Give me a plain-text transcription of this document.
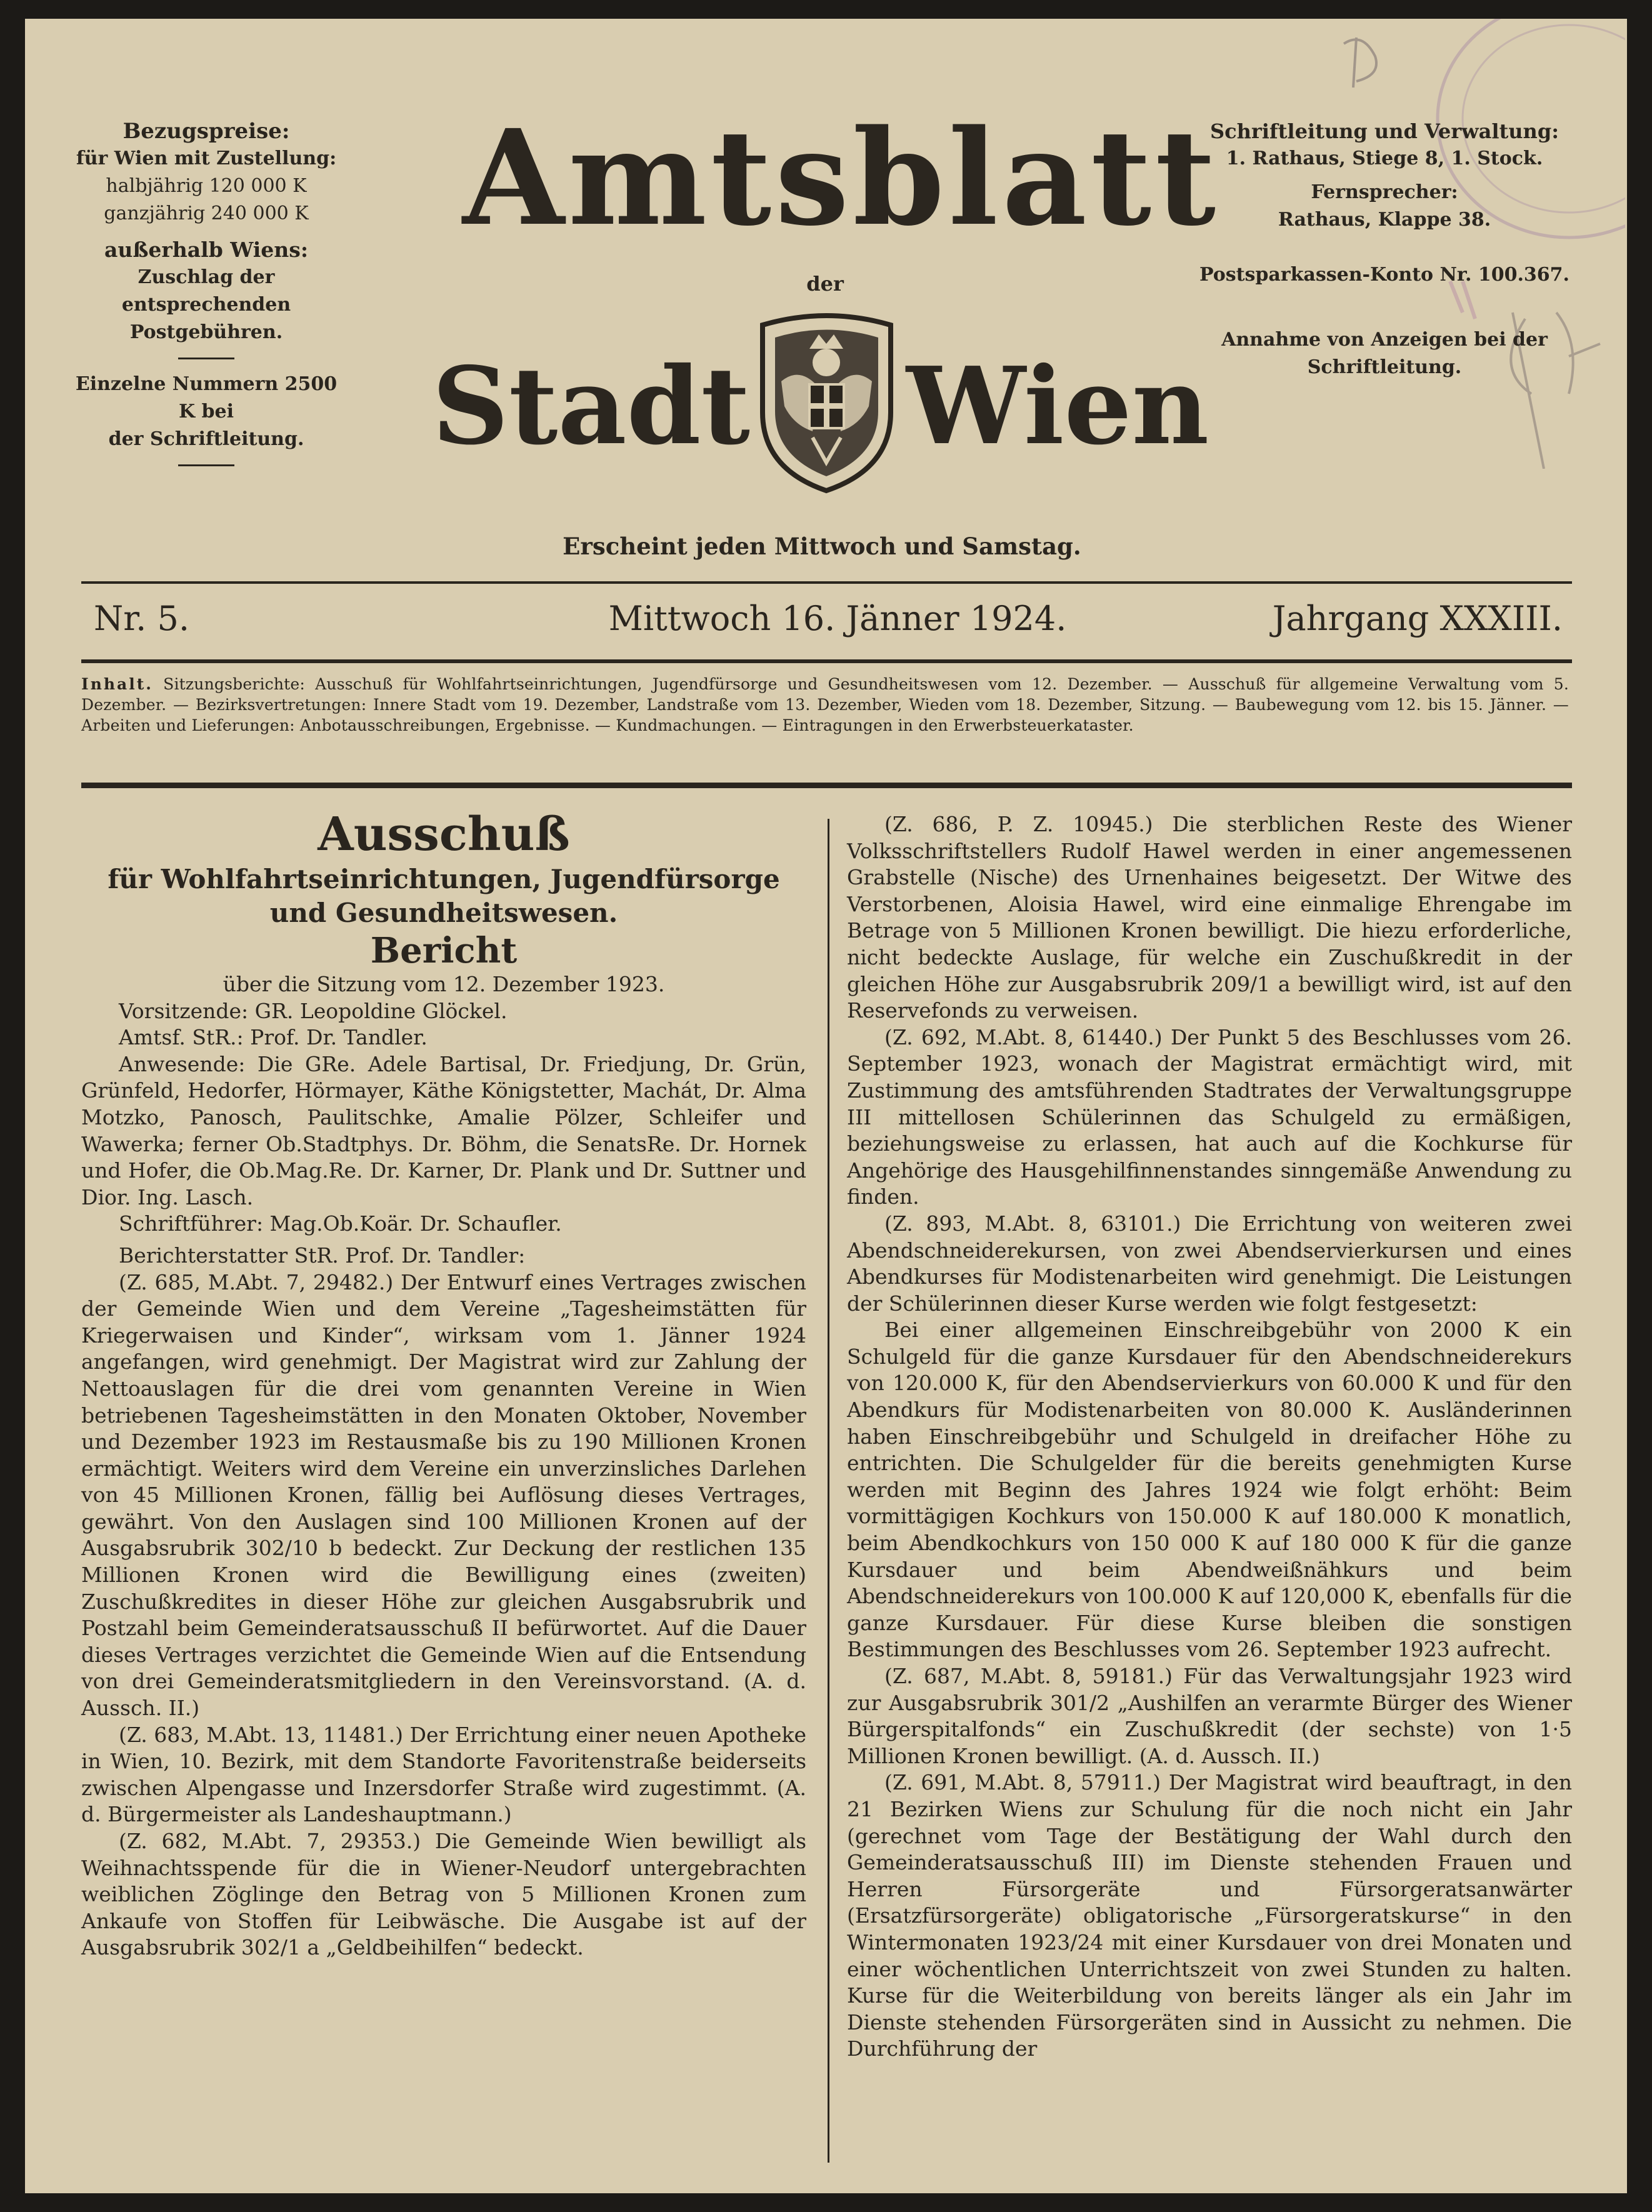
Bezugspreise:
für Wien mit Zustellung:
halbjährig 120 000 K
ganzjährig 240 000 K
außerhalb Wiens:
Zuschlag der entsprechenden
Postgebühren.
Einzelne Nummern 2500 K bei
der Schriftleitung.
Amtsblatt
der
Stadt Wien
Erscheint jeden Mittwoch und Samstag.
Schriftleitung und Verwaltung:
1. Rathaus, Stiege 8, 1. Stock.
Fernsprecher:
Rathaus, Klappe 38.
Postsparkassen-Konto Nr. 100.367.
Annahme von Anzeigen bei der
Schriftleitung.
Nr. 5.	Mittwoch 16. Jänner 1924.	Jahrgang XXXIII.
Inhalt. Sitzungsberichte: Ausschuß für Wohlfahrtseinrichtungen, Jugendfürsorge und Gesundheitswesen vom 12. Dezember. — Ausschuß für allgemeine Verwaltung vom 5. Dezember. — Bezirksvertretungen: Innere Stadt vom 19. Dezember, Landstraße vom 13. Dezember, Wieden vom 18. Dezember, Sitzung. — Baubewegung vom 12. bis 15. Jänner. — Arbeiten und Lieferungen: Anbotausschreibungen, Ergebnisse. — Kundmachungen. — Eintragungen in den Erwerbsteuerkataster.
Ausschuß
für Wohlfahrtseinrichtungen, Jugendfürsorge und Gesundheitswesen.
Bericht
über die Sitzung vom 12. Dezember 1923.

Vorsitzende: GR. Leopoldine Glöckel.

Amtsf. StR.: Prof. Dr. Tandler.

Anwesende: Die GRe. Adele Bartisal, Dr. Friedjung, Dr. Grün, Grünfeld, Hedorfer, Hörmayer, Käthe Königstetter, Machát, Dr. Alma Motzko, Panosch, Paulitschke, Amalie Pölzer, Schleifer und Wawerka; ferner Ob.Stadtphys. Dr. Böhm, die SenatsRe. Dr. Hornek und Hofer, die Ob.Mag.Re. Dr. Karner, Dr. Plank und Dr. Suttner und Dior. Ing. Lasch.

Schriftführer: Mag.Ob.Koär. Dr. Schaufler.

Berichterstatter StR. Prof. Dr. Tandler:

(Z. 685, M.Abt. 7, 29482.) Der Entwurf eines Vertrages zwischen der Gemeinde Wien und dem Vereine „Tagesheimstätten für Kriegerwaisen und Kinder“, wirksam vom 1. Jänner 1924 angefangen, wird genehmigt. Der Magistrat wird zur Zahlung der Nettoauslagen für die drei vom genannten Vereine in Wien betriebenen Tagesheimstätten in den Monaten Oktober, November und Dezember 1923 im Restausmaße bis zu 190 Millionen Kronen ermächtigt. Weiters wird dem Vereine ein unverzinsliches Darlehen von 45 Millionen Kronen, fällig bei Auflösung dieses Vertrages, gewährt. Von den Auslagen sind 100 Millionen Kronen auf der Ausgabsrubrik 302/10 b bedeckt. Zur Deckung der restlichen 135 Millionen Kronen wird die Bewilligung eines (zweiten) Zuschußkredites in dieser Höhe zur gleichen Ausgabsrubrik und Postzahl beim Gemeinderatsausschuß II befürwortet. Auf die Dauer dieses Vertrages verzichtet die Gemeinde Wien auf die Entsendung von drei Gemeinderatsmitgliedern in den Vereinsvorstand. (A. d. Aussch. II.)

(Z. 683, M.Abt. 13, 11481.) Der Errichtung einer neuen Apotheke in Wien, 10. Bezirk, mit dem Standorte Favoritenstraße beiderseits zwischen Alpengasse und Inzersdorfer Straße wird zugestimmt. (A. d. Bürgermeister als Landeshauptmann.)

(Z. 682, M.Abt. 7, 29353.) Die Gemeinde Wien bewilligt als Weihnachtsspende für die in Wiener-Neudorf untergebrachten weiblichen Zöglinge den Betrag von 5 Millionen Kronen zum Ankaufe von Stoffen für Leibwäsche. Die Ausgabe ist auf der Ausgabsrubrik 302/1 a „Geldbeihilfen“ bedeckt.

(Z. 686, P. Z. 10945.) Die sterblichen Reste des Wiener Volksschriftstellers Rudolf Hawel werden in einer angemessenen Grabstelle (Nische) des Urnenhaines beigesetzt. Der Witwe des Verstorbenen, Aloisia Hawel, wird eine einmalige Ehrengabe im Betrage von 5 Millionen Kronen bewilligt. Die hiezu erforderliche, nicht bedeckte Auslage, für welche ein Zuschußkredit in der gleichen Höhe zur Ausgabsrubrik 209/1 a bewilligt wird, ist auf den Reservefonds zu verweisen.

(Z. 692, M.Abt. 8, 61440.) Der Punkt 5 des Beschlusses vom 26. September 1923, wonach der Magistrat ermächtigt wird, mit Zustimmung des amtsführenden Stadtrates der Verwaltungsgruppe III mittellosen Schülerinnen das Schulgeld zu ermäßigen, beziehungsweise zu erlassen, hat auch auf die Kochkurse für Angehörige des Hausgehilfinnenstandes sinngemäße Anwendung zu finden.

(Z. 893, M.Abt. 8, 63101.) Die Errichtung von weiteren zwei Abendschneiderekursen, von zwei Abendservierkursen und eines Abendkurses für Modistenarbeiten wird genehmigt. Die Leistungen der Schülerinnen dieser Kurse werden wie folgt festgesetzt:

Bei einer allgemeinen Einschreibgebühr von 2000 K ein Schulgeld für die ganze Kursdauer für den Abendschneiderekurs von 120.000 K, für den Abendservierkurs von 60.000 K und für den Abendkurs für Modistenarbeiten von 80.000 K. Ausländerinnen haben Einschreibgebühr und Schulgeld in dreifacher Höhe zu entrichten. Die Schulgelder für die bereits genehmigten Kurse werden mit Beginn des Jahres 1924 wie folgt erhöht: Beim vormittägigen Kochkurs von 150.000 K auf 180.000 K monatlich, beim Abendkochkurs von 150 000 K auf 180 000 K für die ganze Kursdauer und beim Abendweißnähkurs und beim Abendschneiderekurs von 100.000 K auf 120,000 K, ebenfalls für die ganze Kursdauer. Für diese Kurse bleiben die sonstigen Bestimmungen des Beschlusses vom 26. September 1923 aufrecht.

(Z. 687, M.Abt. 8, 59181.) Für das Verwaltungsjahr 1923 wird zur Ausgabsrubrik 301/2 „Aushilfen an verarmte Bürger des Wiener Bürgerspitalfonds“ ein Zuschußkredit (der sechste) von 1·5 Millionen Kronen bewilligt. (A. d. Aussch. II.)

(Z. 691, M.Abt. 8, 57911.) Der Magistrat wird beauftragt, in den 21 Bezirken Wiens zur Schulung für die noch nicht ein Jahr (gerechnet vom Tage der Bestätigung der Wahl durch den Gemeinderatsausschuß III) im Dienste stehenden Frauen und Herren Fürsorgeräte und Fürsorgeratsanwärter (Ersatzfürsorgeräte) obligatorische „Fürsorgeratskurse“ in den Wintermonaten 1923/24 mit einer Kursdauer von drei Monaten und einer wöchentlichen Unterrichtszeit von zwei Stunden zu halten. Kurse für die Weiterbildung von bereits länger als ein Jahr im Dienste stehenden Fürsorgeräten sind in Aussicht zu nehmen. Die Durchführung der
